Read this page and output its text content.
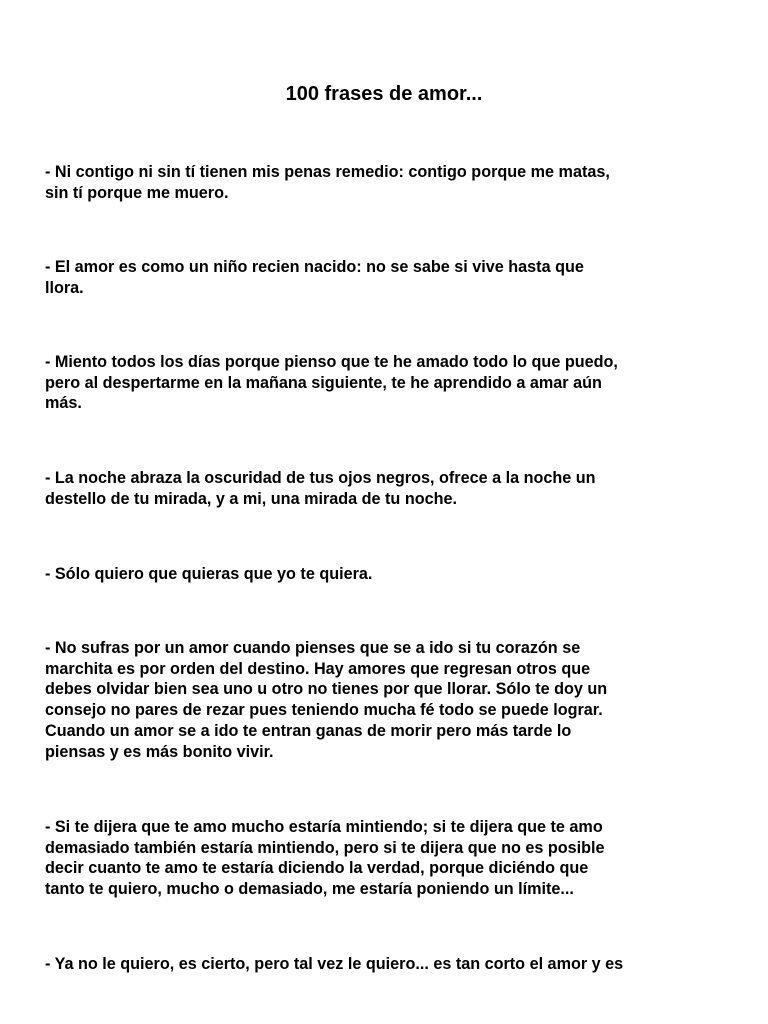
100 frases de amor...

- Ni contigo ni sin tí tienen mis penas remedio: contigo porque me matas,
sin tí porque me muero.

- El amor es como un niño recien nacido: no se sabe si vive hasta que
llora.

- Miento todos los días porque pienso que te he amado todo lo que puedo,
pero al despertarme en la mañana siguiente, te he aprendido a amar aún
más.

- La noche abraza la oscuridad de tus ojos negros, ofrece a la noche un
destello de tu mirada, y a mi, una mirada de tu noche.

- Sólo quiero que quieras que yo te quiera.

- No sufras por un amor cuando pienses que se a ido si tu corazón se
marchita es por orden del destino. Hay amores que regresan otros que
debes olvidar bien sea uno u otro no tienes por que llorar. Sólo te doy un
consejo no pares de rezar pues teniendo mucha fé todo se puede lograr.
Cuando un amor se a ido te entran ganas de morir pero más tarde lo
piensas y es más bonito vivir.

- Si te dijera que te amo mucho estaría mintiendo; si te dijera que te amo
demasiado también estaría mintiendo, pero si te dijera que no es posible
decir cuanto te amo te estaría diciendo la verdad, porque diciéndo que
tanto te quiero, mucho o demasiado, me estaría poniendo un límite...

- Ya no le quiero, es cierto, pero tal vez le quiero... es tan corto el amor y es
